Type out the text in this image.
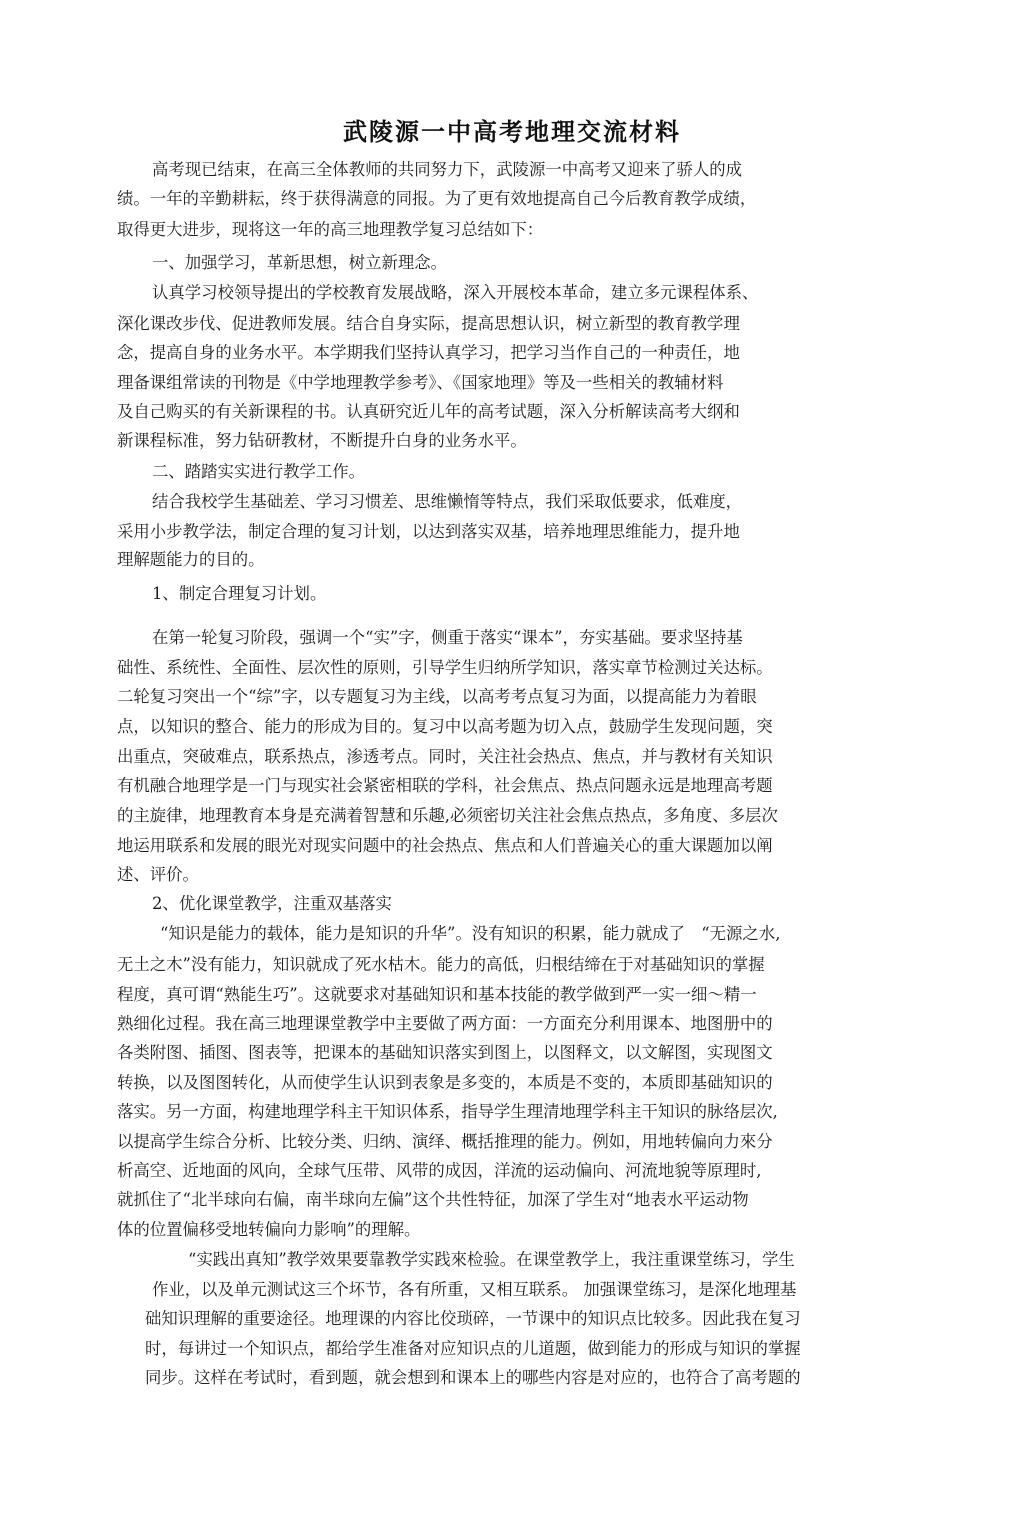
武陵源一中高考地理交流材料
高考现已结束，在高三全体教师的共同努力下，武陵源一中高考又迎来了骄人的成
绩。一年的辛勤耕耘，终于获得满意的同报。为了更有效地提高自己今后教育教学成绩，
取得更大进步，现将这一年的高三地理教学复习总结如下：
一、加强学习，革新思想，树立新理念。
认真学习校领导提出的学校教育发展战略，深入开展校本革命，建立多元课程体系、
深化课改步伐、促进教师发展。结合自身实际，提高思想认识，树立新型的教育教学理
念，提高自身的业务水平。本学期我们坚持认真学习，把学习当作自己的一种责任，地
理备课组常读的刊物是《中学地理教学参考》、《国家地理》等及一些相关的教辅材料
及自己购买的有关新课程的书。认真研究近儿年的高考试题，深入分析解读高考大纲和
新课程标准，努力钻研教材，不断提升白身的业务水平。
二、踏踏实实进行教学工作。
结合我校学生基础差、学习习惯差、思维懒惰等特点，我们采取低要求，低难度，
采用小步教学法，制定合理的复习计划，以达到落实双基，培养地理思维能力，提升地
理解题能力的目的。
1、制定合理复习计划。
在第一轮复习阶段，强调一个“实”字，侧重于落实“课本”，夯实基础。要求坚持基
础性、系统性、全面性、层次性的原则，引导学生归纳所学知识，落实章节检测过关达标。
二轮复习突出一个“综”字，以专题复习为主线，以高考考点复习为面，以提高能力为着眼
点，以知识的整合、能力的形成为目的。复习中以高考题为切入点，鼓励学生发现问题，突
出重点，突破难点，联系热点，渗透考点。同时，关注社会热点、焦点，并与教材有关知识
有机融合地理学是一门与现实社会紧密相联的学科，社会焦点、热点问题永远是地理高考题
的主旋律，地理教育本身是充满着智慧和乐趣,必须密切关注社会焦点热点，多角度、多层次
地运用联系和发展的眼光对现实问题中的社会热点、焦点和人们普遍关心的重大课题加以阐
述、评价。
2、优化课堂教学，注重双基落实
“知识是能力的载体，能力是知识的升华”。没有知识的积累，能力就成了　“无源之水,
无土之木”没有能力，知识就成了死水枯木。能力的高低，归根结缔在于对基础知识的掌握
程度，真可谓“熟能生巧”。这就要求对基础知识和基本技能的教学做到严一实一细～精一
熟细化过程。我在高三地理课堂教学中主要做了两方面：一方面充分利用课本、地图册中的
各类附图、插图、图表等，把课本的基础知识落实到图上，以图释文，以文解图，实现图文
转换，以及图图转化，从而使学生认识到表象是多变的，本质是不变的，本质即基础知识的
落实。另一方面，构建地理学科主干知识体系，指导学生理清地理学科主干知识的脉络层次,
以提高学生综合分析、比较分类、归纳、演绎、概括推理的能力。例如，用地转偏向力來分
析高空、近地面的风向，全球气压带、风带的成因，洋流的运动偏向、河流地貌等原理时,
就抓住了“北半球向右偏，南半球向左偏”这个共性特征，加深了学生对“地表水平运动物
体的位置偏移受地转偏向力影响”的理解。
“实践出真知”教学效果要靠教学实践來检验。在课堂教学上，我注重课堂练习，学生
作业，以及单元测试这三个坏节，各有所重，又相互联系。 加强课堂练习，是深化地理基
础知识理解的重要途径。地理课的内容比佼琐碎，一节课中的知识点比较多。因此我在复习
时，每讲过一个知识点，都给学生准备对应知识点的儿道题，做到能力的形成与知识的掌握
同步。这样在考试时，看到题，就会想到和课本上的哪些内容是对应的，也符合了高考题的
